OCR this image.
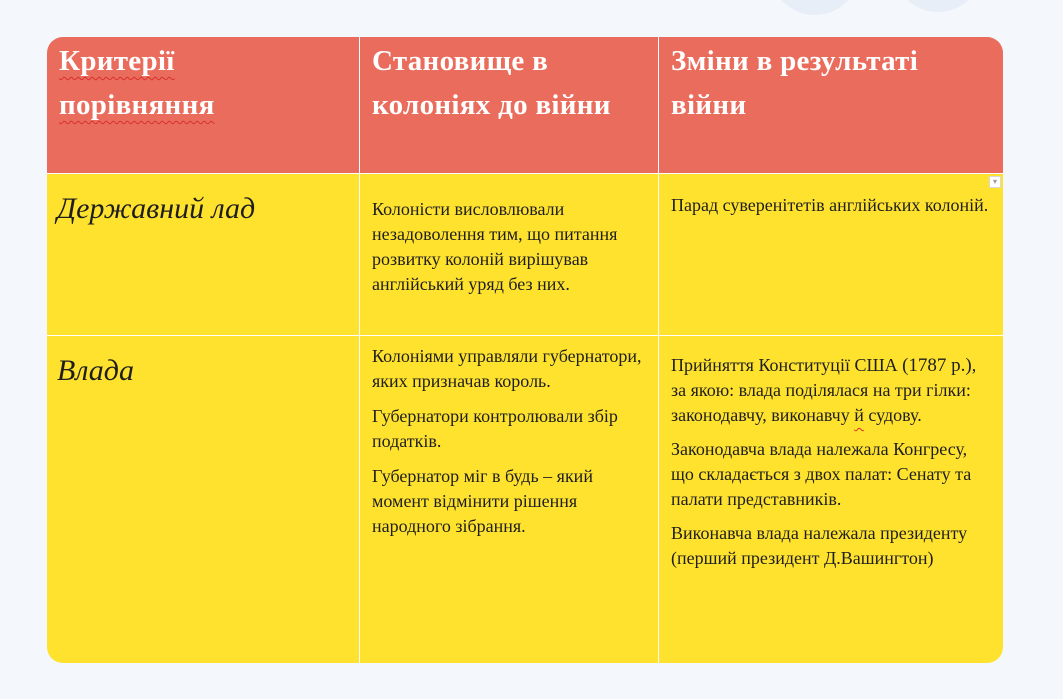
Критерії
порівняння
Становище в колоніях до війни
Зміни в результаті війни
Державний лад	Колоністи висловлювали незадоволення тим, що питання розвитку колоній вирішував англійський уряд без них.

Парад суверенітетів англійських колоній.

▾
Влада	Колоніями управляли губернатори, яких призначав король.

Губернатори контролювали збір податків.

Губернатор міг в будь – який момент відмінити рішення народного зібрання.

Прийняття Конституції США (1787 р.), за якою: влада поділялася на три гілки: законодавчу, виконавчу й судову.

Законодавча влада належала Конгресу, що складається з двох палат: Сенату та палати представників.

Виконавча влада належала президенту (перший президент Д.Вашингтон)
